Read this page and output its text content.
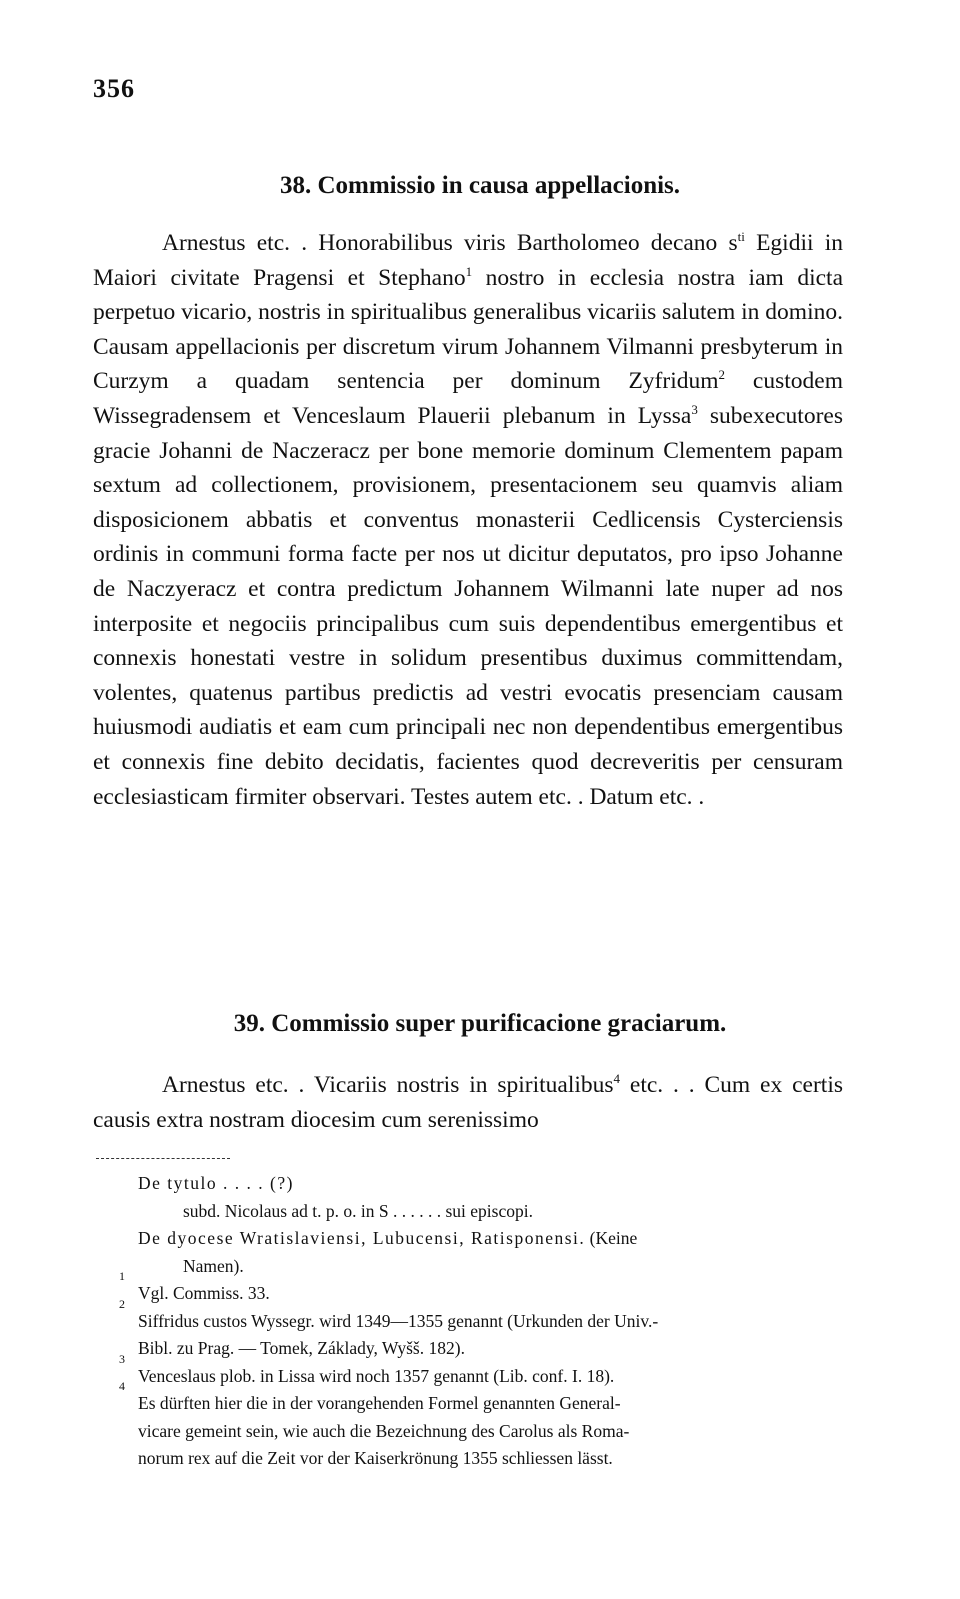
356
38. Commissio in causa appellacionis.

Arnestus etc. . Honorabilibus viris Bartholomeo decano $s^{ti}$ Egidii in Maiori civitate Pragensi et Stephano$^1$ nostro in ecclesia nostra iam dicta perpetuo vicario, nostris in spiritualibus generalibus vicariis salutem in domino. Causam appellacionis per discretum virum Johannem Vilmanni presbyterum in Curzym a quadam sentencia per dominum Zyfridum$^2$ custodem Wissegradensem et Venceslaum Plauerii plebanum in Lyssa$^3$ subexecutores gracie Johanni de Naczeracz per bone memorie dominum Clementem papam sextum ad collectionem, provisionem, presentacionem seu quamvis aliam disposicionem abbatis et conventus monasterii Cedlicensis Cysterciensis ordinis in communi forma facte per nos ut dicitur deputatos, pro ipso Johanne de Naczyeracz et contra predictum Johannem Wilmanni late nuper ad nos interposite et negociis principalibus cum suis dependentibus emergentibus et connexis honestati vestre in solidum presentibus duximus committendam, volentes, quatenus partibus predictis ad vestri evocatis presenciam causam huiusmodi audiatis et eam cum principali nec non dependentibus emergentibus et connexis fine debito decidatis, facientes quod decreveritis per censuram ecclesiasticam firmiter observari. Testes autem etc. . Datum etc. .

39. Commissio super purificacione graciarum.

Arnestus etc. . Vicariis nostris in spiritualibus$^4$ etc. . . Cum ex certis causis extra nostram diocesim cum serenissimo

De tytulo . . . . (?)

subd. Nicolaus ad t. p. o. in S . . . . . . sui episcopi.

De dyocese Wratislaviensi, Lubucensi, Ratisponensi. (Keine

Namen).

1
Vgl. Commiss. 33.

2
Siffridus custos Wyssegr. wird 1349—1355 genannt (Urkunden der Univ.-

Bibl. zu Prag. — Tomek, Základy, Wyšš. 182).

3
Venceslaus plob. in Lissa wird noch 1357 genannt (Lib. conf. I. 18).

4
Es dürften hier die in der vorangehenden Formel genannten General-

vicare gemeint sein, wie auch die Bezeichnung des Carolus als Roma-

norum rex auf die Zeit vor der Kaiserkrönung 1355 schliessen lässt.
